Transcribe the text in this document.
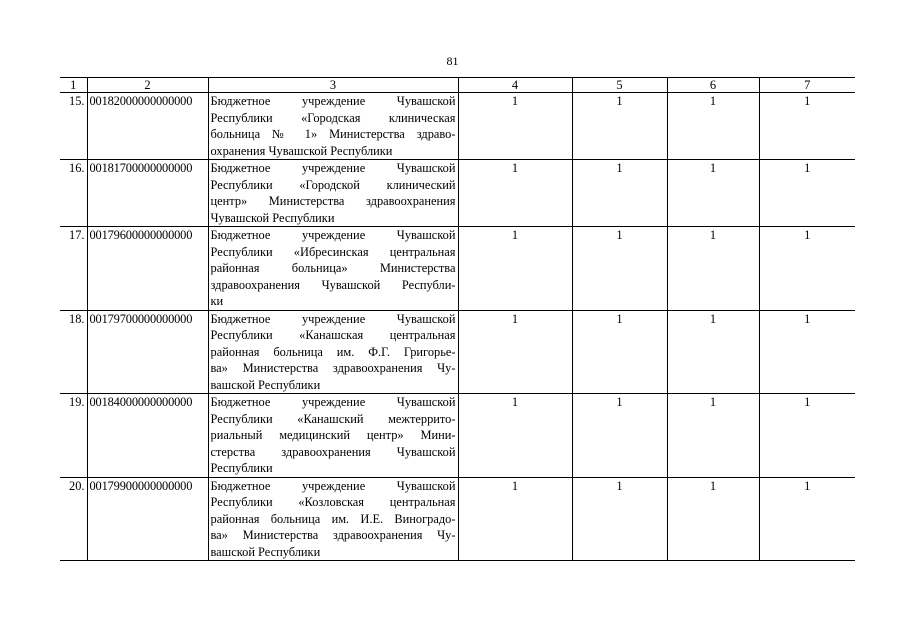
81
1	2	3	4	5	6	7
15.	00182000000000000	Бюджетное учреждение Чувашской
Республики «Городская клиническая
больница № 1» Министерства здраво-
охранения Чувашской Республики	1	1	1	1
16.	00181700000000000	Бюджетное учреждение Чувашской
Республики «Городской клинический
центр» Министерства здравоохранения
Чувашской Республики	1	1	1	1
17.	00179600000000000	Бюджетное учреждение Чувашской
Республики «Ибресинская центральная
районная больница» Министерства
здравоохранения Чувашской Республи-
ки	1	1	1	1
18.	00179700000000000	Бюджетное учреждение Чувашской
Республики «Канашская центральная
районная больница им. Ф.Г. Григорье-
ва» Министерства здравоохранения Чу-
вашской Республики	1	1	1	1
19.	00184000000000000	Бюджетное учреждение Чувашской
Республики «Канашский межтеррито-
риальный медицинский центр» Мини-
стерства здравоохранения Чувашской
Республики	1	1	1	1
20.	00179900000000000	Бюджетное учреждение Чувашской
Республики «Козловская центральная
районная больница им. И.Е. Виноградо-
ва» Министерства здравоохранения Чу-
вашской Республики	1	1	1	1
